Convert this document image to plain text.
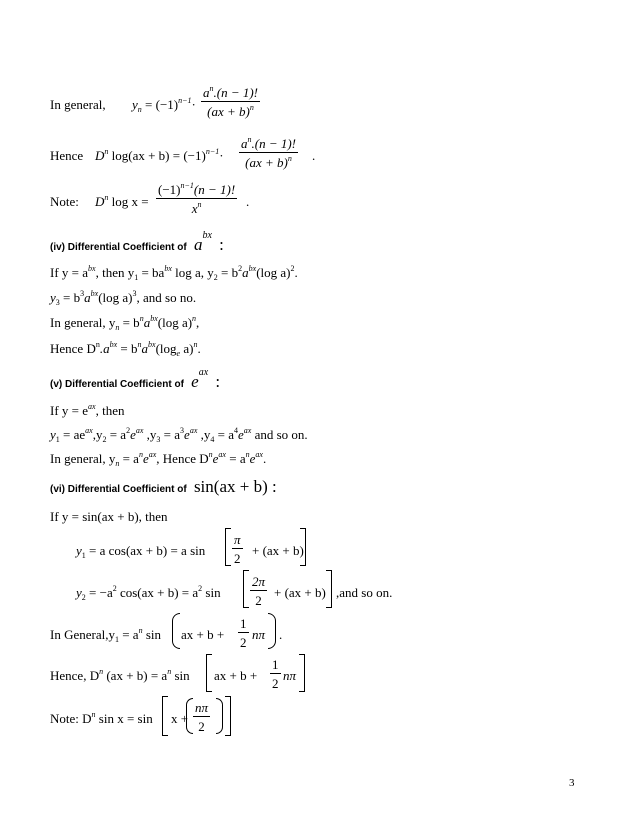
In general, $y_n = (-1)^{n-1}\cdot \frac{a^n.(n - 1)!}{(ax + b)^n}$
Hence $D^n$ $\log(ax + b) = (-1)^{n-1}\cdot \frac{a^n.(n - 1)!}{(ax + b)^n}$ .
Note: $D^n$ $\log x = \frac{(-1)^{n-1}(n - 1)!}{x^n}$ .
(iv) Differential Coefficient of $a^{bx}$ :
If $y = a^{bx}$, then $y_1 = ba^{bx}$ log a, $y_2 = b^2a^{bx}(\log$ a)$^2$.
$y_3 = b^3a^{bx}(\log$ a)$^3$, and so no.
In general, $y_n = b^na^{bx}(\log$ a)$^n$,
Hence $D^n.a^{bx} = b^na^{bx}(\log_e$ a)$^n$.
(v) Differential Coefficient of $e^{ax}$ :
If $y = e^{ax}$, then
$y_1 = ae^{ax},y_2 = a^2e^{ax}$ $,y_3 = a^3e^{ax}$ $,y_4 = a^4e^{ax}$ and so on.
In general, $y_n = a^ne^{ax}$, Hence $D^ne^{ax} = a^ne^{ax}$.
(vi) Differential Coefficient of sin(ax + b) :
If y = sin(ax + b), then
$y_1 = a$ cos(ax + b) = a $\sin \frac{\pi}{2} + (ax + b)$
$y_2 = -a^2$ $\cos(ax + b) = a^2$ $\sin \frac{2\pi}{2} + (ax + b)$ ,and so on.
In $General,y_1 = a^n$ sin ax + $b + \frac{1}{2}$ nπ .
Hence, $D^n$ $(ax + b) = a^n$ sin ax + $b + \frac{1}{2}$ nπ
Note: $D^n$ $\sin x = \sin x + \frac{n\pi}{2}$
3
